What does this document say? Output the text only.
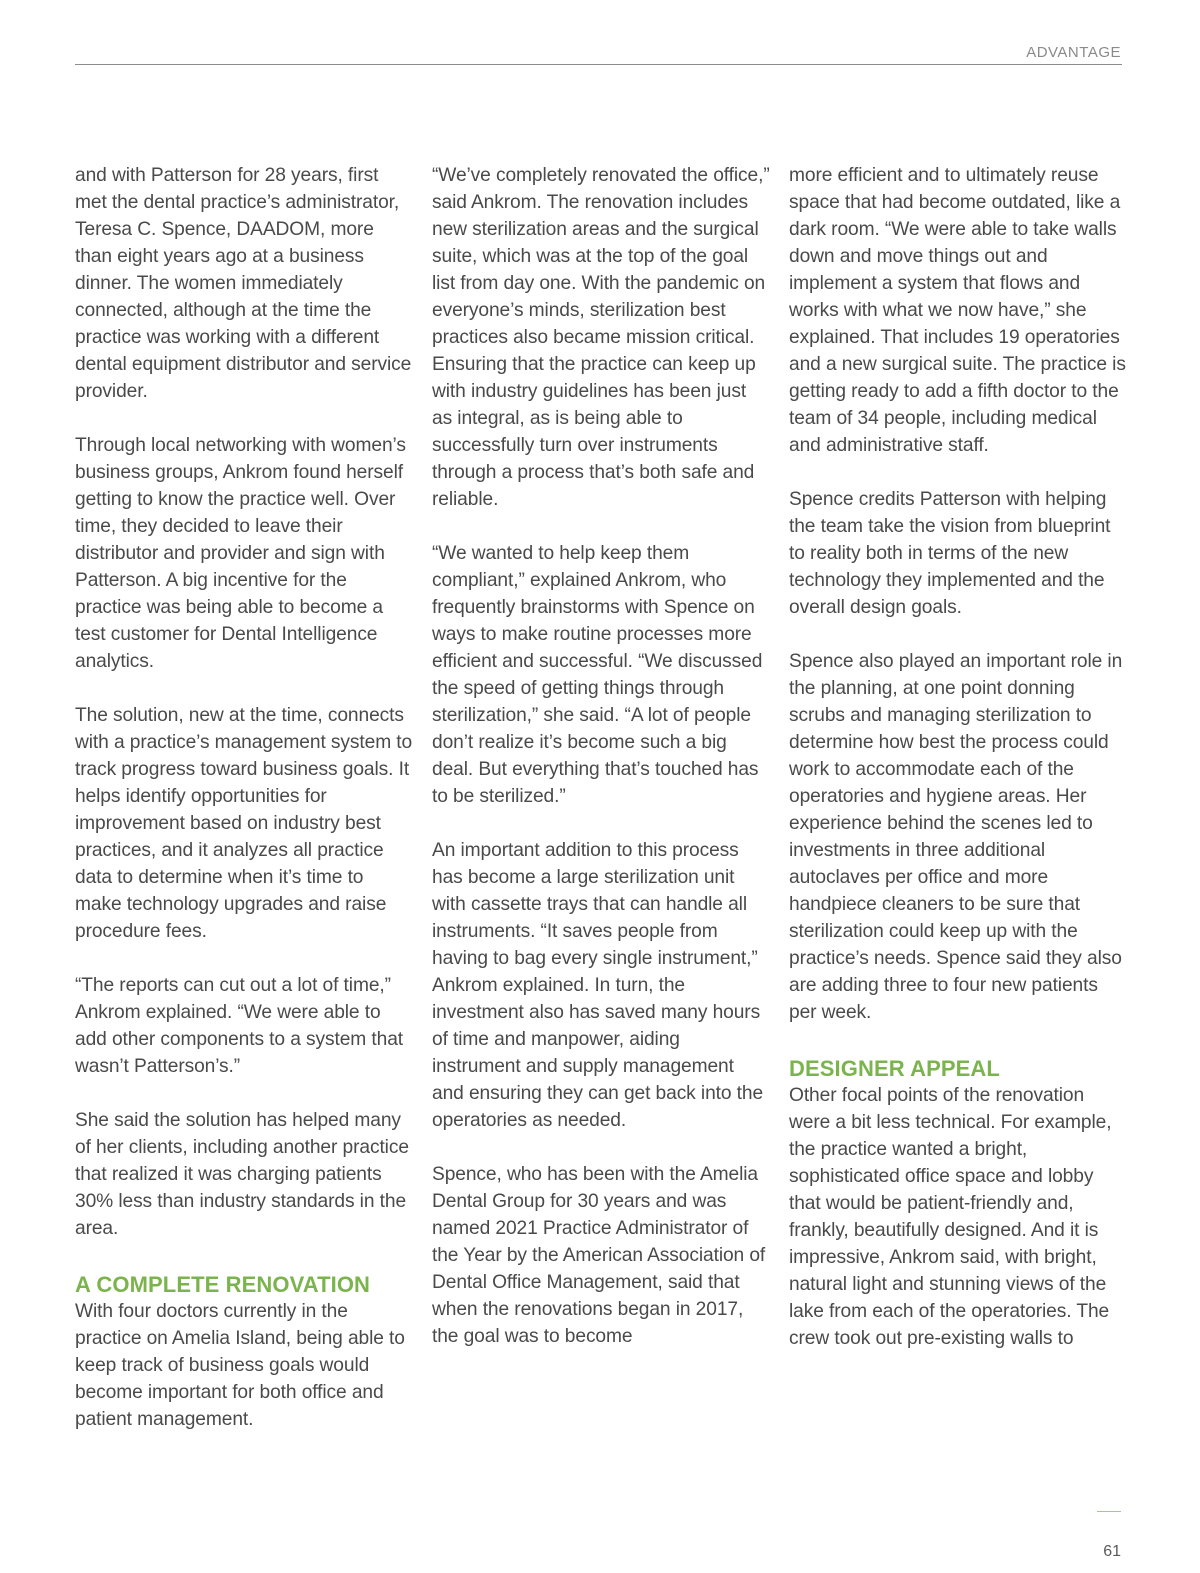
ADVANTAGE

and with Patterson for 28 years, first met the dental practice’s administrator, Teresa C. Spence, DAADOM, more than eight years ago at a business dinner. The women immediately connected, although at the time the practice was working with a different dental equipment distributor and service provider.

Through local networking with women’s business groups, Ankrom found herself getting to know the practice well. Over time, they decided to leave their distributor and provider and sign with Patterson. A big incentive for the practice was being able to become a test customer for Dental Intelligence analytics.

The solution, new at the time, connects with a practice’s management system to track progress toward business goals. It helps identify opportunities for improvement based on industry best practices, and it analyzes all practice data to determine when it’s time to make technology upgrades and raise procedure fees.

“The reports can cut out a lot of time,” Ankrom explained. “We were able to add other components to a system that wasn’t Patterson’s.”

She said the solution has helped many of her clients, including another practice that realized it was charging patients 30% less than industry standards in the area.

A COMPLETE RENOVATION

With four doctors currently in the practice on Amelia Island, being able to keep track of business goals would become important for both office and patient management.

“We’ve completely renovated the office,” said Ankrom. The renovation includes new sterilization areas and the surgical suite, which was at the top of the goal list from day one. With the pandemic on everyone’s minds, sterilization best practices also became mission critical. Ensuring that the practice can keep up with industry guidelines has been just as integral, as is being able to successfully turn over instruments through a process that’s both safe and reliable.

“We wanted to help keep them compliant,” explained Ankrom, who frequently brainstorms with Spence on ways to make routine processes more efficient and successful. “We discussed the speed of getting things through sterilization,” she said. “A lot of people don’t realize it’s become such a big deal. But everything that’s touched has to be sterilized.”

An important addition to this process has become a large sterilization unit with cassette trays that can handle all instruments. “It saves people from having to bag every single instrument,” Ankrom explained. In turn, the investment also has saved many hours of time and manpower, aiding instrument and supply management and ensuring they can get back into the operatories as needed.

Spence, who has been with the Amelia Dental Group for 30 years and was named 2021 Practice Administrator of the Year by the American Association of Dental Office Management, said that when the renovations began in 2017, the goal was to become

more efficient and to ultimately reuse space that had become outdated, like a dark room. “We were able to take walls down and move things out and implement a system that flows and works with what we now have,” she explained. That includes 19 operatories and a new surgical suite. The practice is getting ready to add a fifth doctor to the team of 34 people, including medical and administrative staff.

Spence credits Patterson with helping the team take the vision from blueprint to reality both in terms of the new technology they implemented and the overall design goals.

Spence also played an important role in the planning, at one point donning scrubs and managing sterilization to determine how best the process could work to accommodate each of the operatories and hygiene areas. Her experience behind the scenes led to investments in three additional autoclaves per office and more handpiece cleaners to be sure that sterilization could keep up with the practice’s needs. Spence said they also are adding three to four new patients per week.

DESIGNER APPEAL

Other focal points of the renovation were a bit less technical. For example, the practice wanted a bright, sophisticated office space and lobby that would be patient-friendly and, frankly, beautifully designed. And it is impressive, Ankrom said, with bright, natural light and stunning views of the lake from each of the operatories. The crew took out pre-existing walls to

61
